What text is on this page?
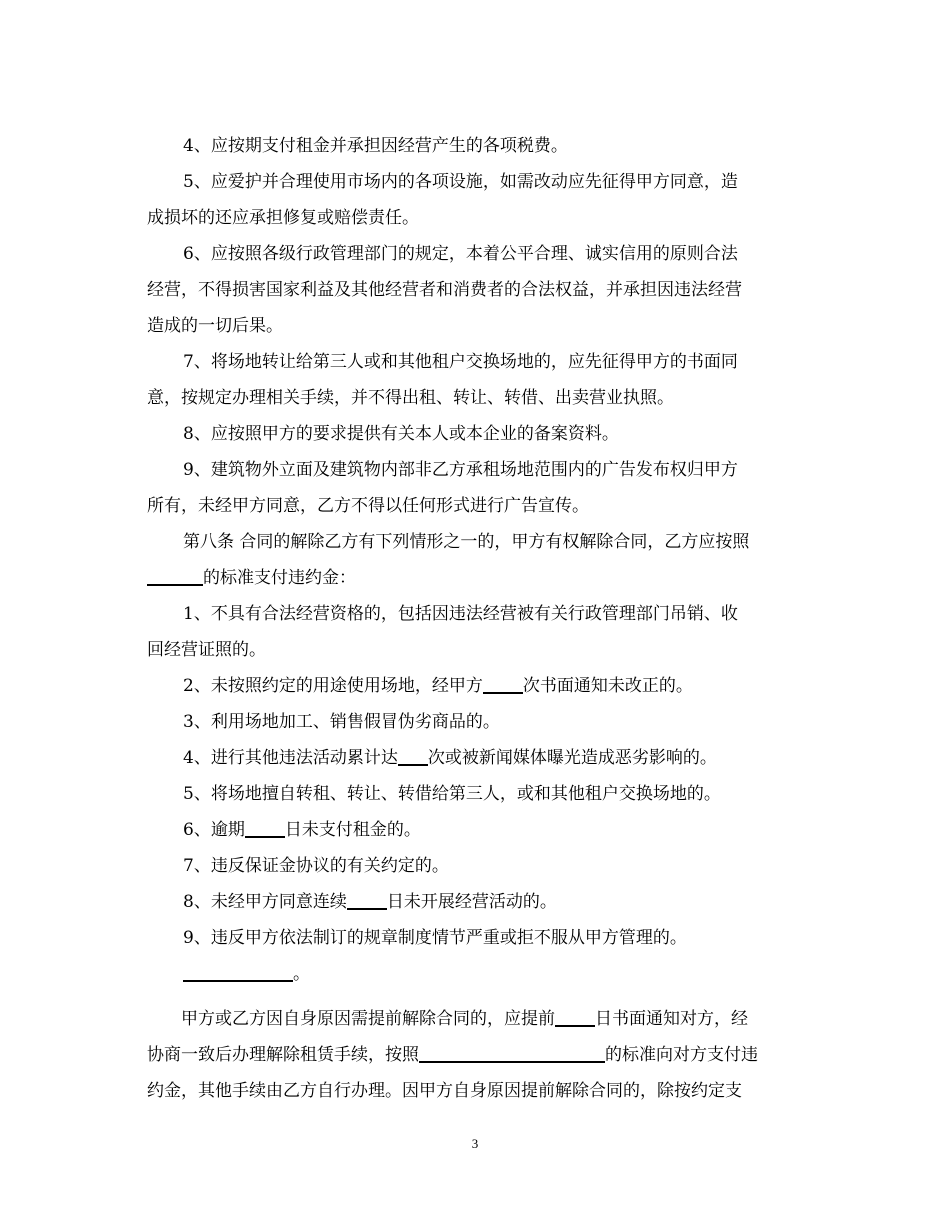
4、应按期支付租金并承担因经营产生的各项税费。

5、应爱护并合理使用市场内的各项设施，如需改动应先征得甲方同意，造
成损坏的还应承担修复或赔偿责任。

6、应按照各级行政管理部门的规定，本着公平合理、诚实信用的原则合法
经营，不得损害国家利益及其他经营者和消费者的合法权益，并承担因违法经营
造成的一切后果。

7、将场地转让给第三人或和其他租户交换场地的，应先征得甲方的书面同
意，按规定办理相关手续，并不得出租、转让、转借、出卖营业执照。

8、应按照甲方的要求提供有关本人或本企业的备案资料。

9、建筑物外立面及建筑物内部非乙方承租场地范围内的广告发布权归甲方
所有，未经甲方同意，乙方不得以任何形式进行广告宣传。

第八条 合同的解除乙方有下列情形之一的，甲方有权解除合同，乙方应按照
的标准支付违约金：

1、不具有合法经营资格的，包括因违法经营被有关行政管理部门吊销、收
回经营证照的。

2、未按照约定的用途使用场地，经甲方 次书面通知未改正的。

3、利用场地加工、销售假冒伪劣商品的。

4、进行其他违法活动累计达 次或被新闻媒体曝光造成恶劣影响的。

5、将场地擅自转租、转让、转借给第三人，或和其他租户交换场地的。

6、逾期 日未支付租金的。

7、违反保证金协议的有关约定的。

8、未经甲方同意连续 日未开展经营活动的。

9、违反甲方依法制订的规章制度情节严重或拒不服从甲方管理的。

。

甲方或乙方因自身原因需提前解除合同的，应提前 日书面通知对方，经
协商一致后办理解除租赁手续，按照	的标准向对方支付违
约金，其他手续由乙方自行办理。因甲方自身原因提前解除合同的，除按约定支

3
